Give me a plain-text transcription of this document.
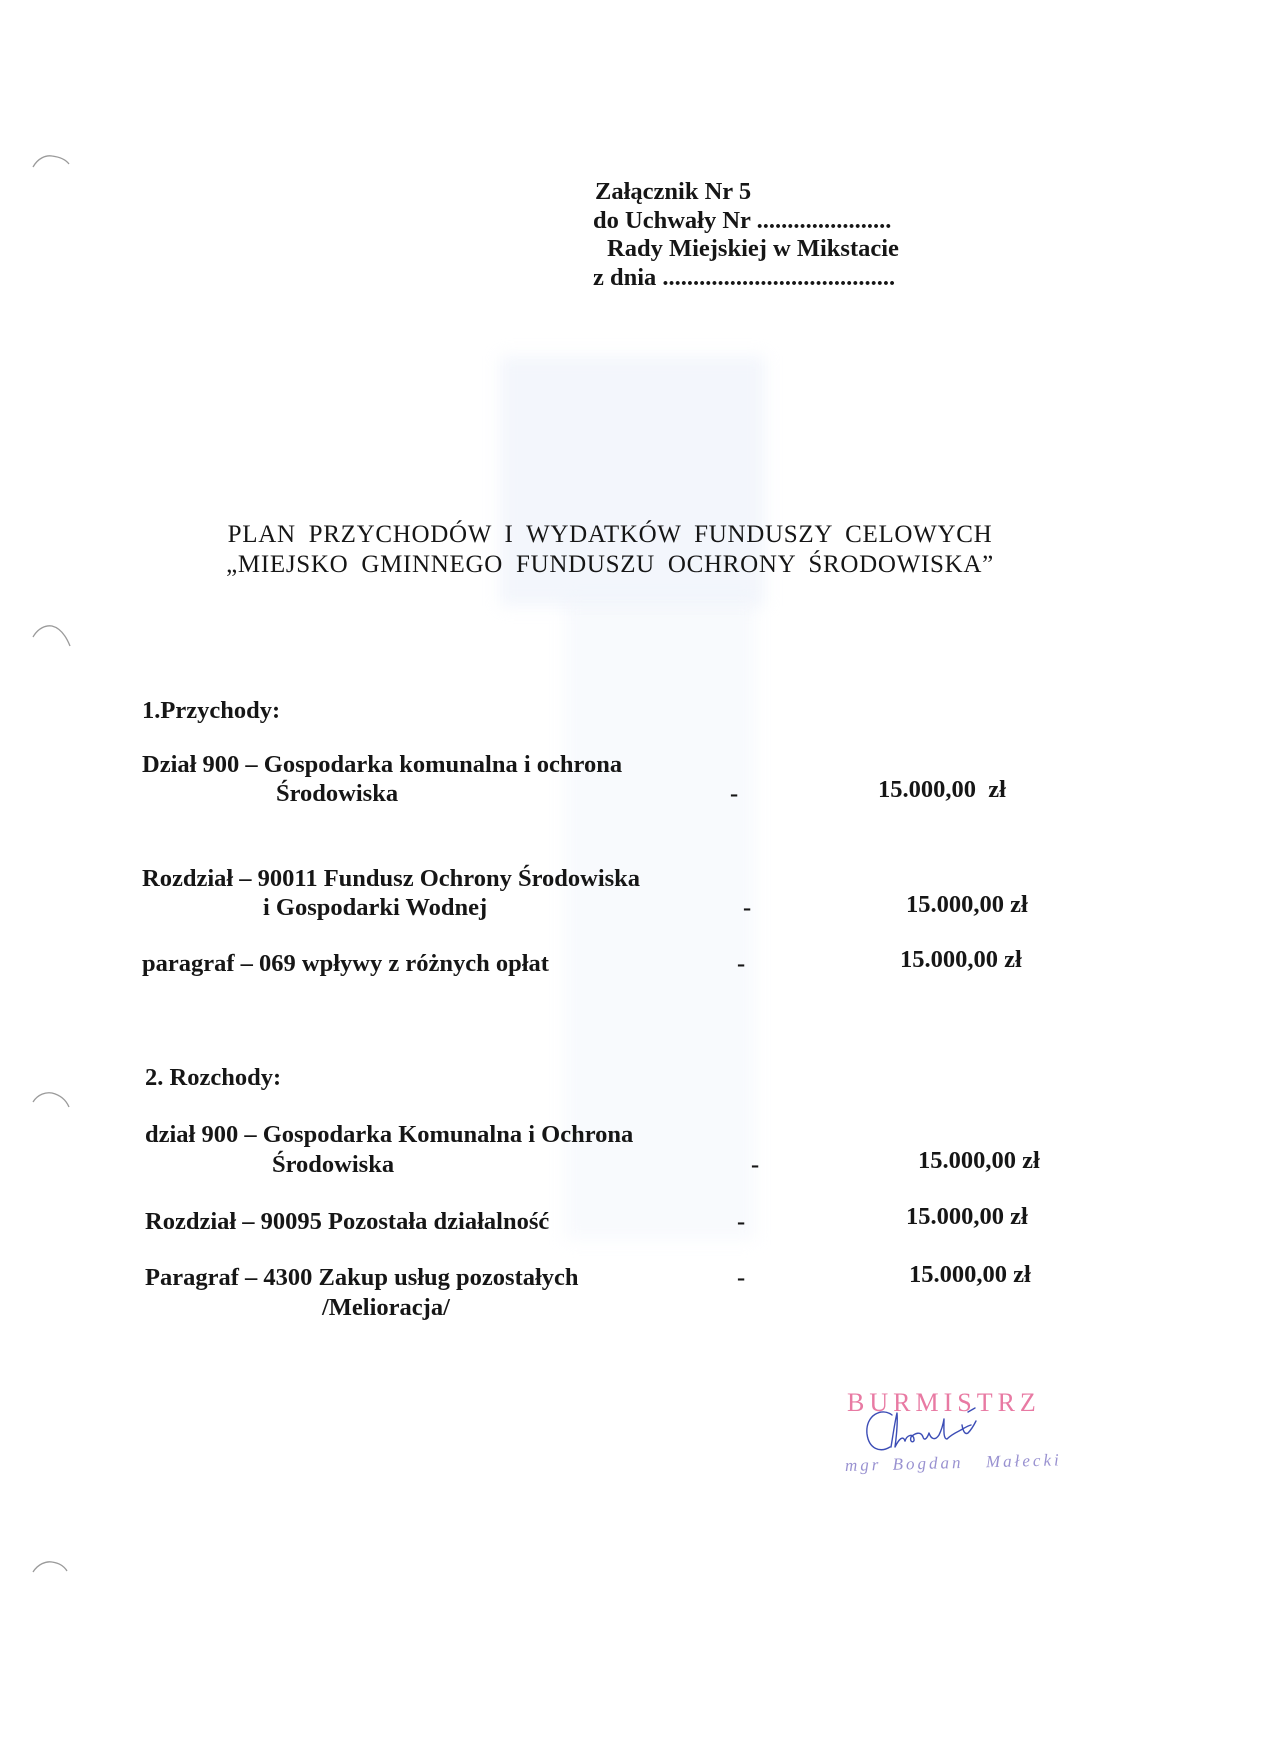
Załącznik Nr 5
do Uchwały Nr ......................
Rady Miejskiej w Mikstacie
z dnia ......................................
PLAN PRZYCHODÓW I WYDATKÓW FUNDUSZY CELOWYCH
„MIEJSKO GMINNEGO FUNDUSZU OCHRONY ŚRODOWISKA”
1.Przychody:
Dział 900 – Gospodarka komunalna i ochrona
Środowiska	-	15.000,00  zł
Rozdział – 90011 Fundusz Ochrony Środowiska
i Gospodarki Wodnej	-	15.000,00 zł
paragraf – 069 wpływy z różnych opłat	-	15.000,00 zł
2. Rozchody:
dział 900 – Gospodarka Komunalna i Ochrona
Środowiska	-	15.000,00 zł
Rozdział – 90095 Pozostała działalność	-	15.000,00 zł
Paragraf – 4300 Zakup usług pozostałych
/Melioracja/
-	15.000,00 zł
BURMISTRZ
mgr Bogdan  Małecki
